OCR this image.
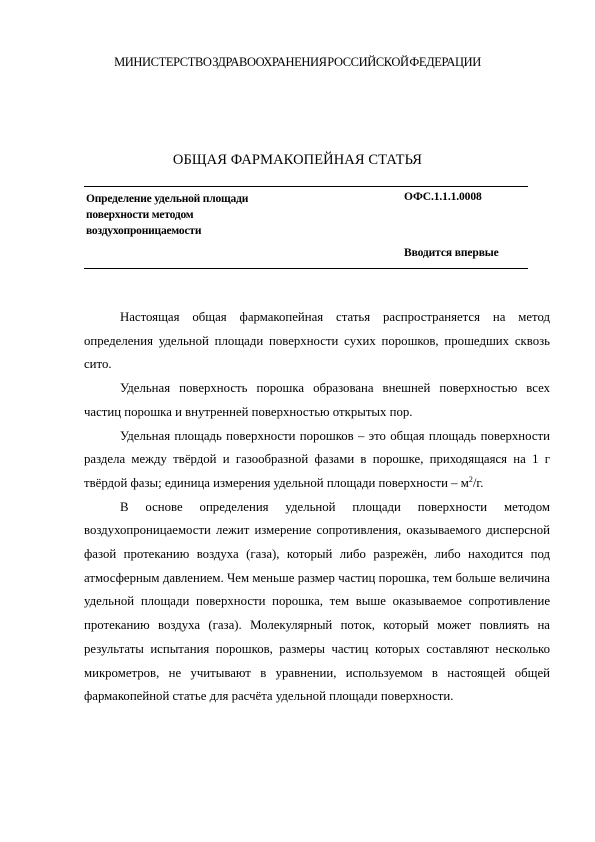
МИНИСТЕРСТВО ЗДРАВООХРАНЕНИЯ РОССИЙСКОЙ ФЕДЕРАЦИИ
ОБЩАЯ ФАРМАКОПЕЙНАЯ СТАТЬЯ
Определение удельной площади
поверхности методом
воздухопроницаемости
ОФС.1.1.1.0008
Вводится впервые

Настоящая общая фармакопейная статья распространяется на метод определения удельной площади поверхности сухих порошков, прошедших сквозь сито.

Удельная поверхность порошка образована внешней поверхностью всех частиц порошка и внутренней поверхностью открытых пор.

Удельная площадь поверхности порошков – это общая площадь поверхности раздела между твёрдой и газообразной фазами в порошке, приходящаяся на 1 г твёрдой фазы; единица измерения удельной площади поверхности – $м^2/г$.

В основе определения удельной площади поверхности методом воздухопроницаемости лежит измерение сопротивления, оказываемого дисперсной фазой протеканию воздуха (газа), который либо разрежён, либо находится под атмосферным давлением. Чем меньше размер частиц порошка, тем больше величина удельной площади поверхности порошка, тем выше оказываемое сопротивление протеканию воздуха (газа). Молекулярный поток, который может повлиять на результаты испытания порошков, размеры частиц которых составляют несколько микрометров, не учитывают в уравнении, используемом в настоящей общей фармакопейной статье для расчёта удельной площади поверхности.
